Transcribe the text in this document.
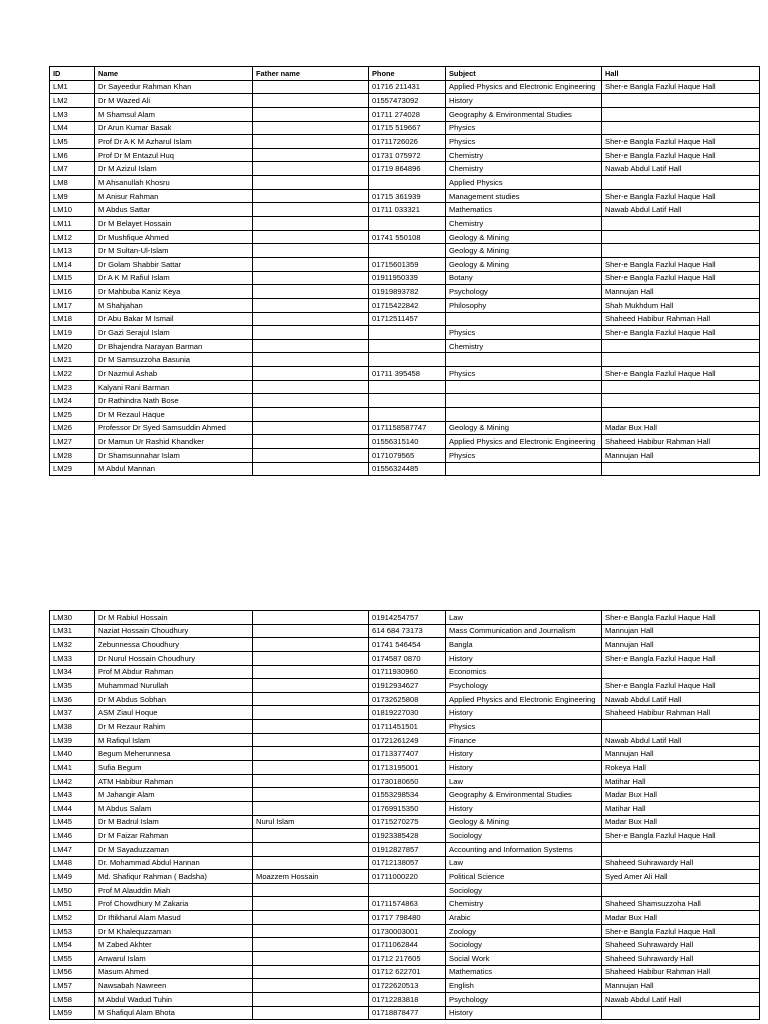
ID	Name	Father name	Phone	Subject	Hall
LM1	Dr Sayeedur Rahman Khan		01716 211431	Applied Physics and Electronic Engineering	Sher-e Bangla Fazlul Haque Hall
LM2	Dr M Wazed Ali		01557473092	History	
LM3	M Shamsul Alam		01711 274028	Geography & Environmental Studies	
LM4	Dr Arun Kumar Basak		01715 519667	Physics	
LM5	Prof Dr A K M Azharul Islam		01711726026	Physics	Sher-e Bangla Fazlul Haque Hall
LM6	Prof Dr M Entazul Huq		01731 075972	Chemistry	Sher-e Bangla Fazlul Haque Hall
LM7	Dr M Azizul Islam		01719 864896	Chemistry	Nawab Abdul Latif Hall
LM8	M Ahsanullah Khosru			Applied Physics	
LM9	M Anisur Rahman		01715 361939	Management studies	Sher-e Bangla Fazlul Haque Hall
LM10	M Abdus Sattar		01711 033321	Mathematics	Nawab Abdul Latif Hall
LM11	Dr M Belayet Hossain			Chemistry	
LM12	Dr Mushfique Ahmed		01741 550108	Geology & Mining	
LM13	Dr M Sultan-Ul-Islam			Geology & Mining	
LM14	Dr Golam Shabbir Sattar		01715601359	Geology & Mining	Sher-e Bangla Fazlul Haque Hall
LM15	Dr A K M Rafiul Islam		01911950339	Botany	Sher-e Bangla Fazlul Haque Hall
LM16	Dr Mahbuba Kaniz Keya		01919893782	Psychology	Mannujan Hall
LM17	M Shahjahan		01715422842	Philosophy	Shah Mukhdum Hall
LM18	Dr Abu Bakar M Ismail		01712511457		Shaheed Habibur Rahman Hall
LM19	Dr Gazi Serajul Islam			Physics	Sher-e Bangla Fazlul Haque Hall
LM20	Dr Bhajendra Narayan Barman			Chemistry	
LM21	Dr M Samsuzzoha Basunia				
LM22	Dr Nazmul Ashab		01711 395458	Physics	Sher-e Bangla Fazlul Haque Hall
LM23	Kalyani Rani Barman				
LM24	Dr Rathindra Nath Bose				
LM25	Dr M Rezaul Haque				
LM26	Professor Dr Syed Samsuddin Ahmed		0171158587747	Geology & Mining	Madar Bux Hall
LM27	Dr Mamun Ur Rashid Khandker		01556315140	Applied Physics and Electronic Engineering	Shaheed Habibur Rahman Hall
LM28	Dr Shamsunnahar Islam		0171079565	Physics	Mannujan Hall
LM29	M Abdul Mannan		01556324485		
LM30	Dr M Rabiul Hossain		01914254757	Law	Sher-e Bangla Fazlul Haque Hall
LM31	Naziat Hossain Choudhury		614 684 73173	Mass Communication and Journalism	Mannujan Hall
LM32	Zebunnessa Choudhury		01741 546454	Bangla	Mannujan Hall
LM33	Dr Nurul Hossain Choudhury		0174587 0870	History	Sher-e Bangla Fazlul Haque Hall
LM34	Prof M Abdur Rahman		01711930960	Economics	
LM35	Muhammad Nurullah		01912934627	Psychology	Sher-e Bangla Fazlul Haque Hall
LM36	Dr M Abdus Sobhan		01732625808	Applied Physics and Electronic Engineering	Nawab Abdul Latif Hall
LM37	ASM Ziaul Hoque		01819227030	History	Shaheed Habibur Rahman Hall
LM38	Dr M Rezaur Rahim		01711451501	Physics	
LM39	M Rafiqul Islam		01721261249	Finance	Nawab Abdul Latif Hall
LM40	Begum Meherunnesa		01713377407	History	Mannujan Hall
LM41	Sufia Begum		01713195001	History	Rokeya Hall
LM42	ATM Habibur Rahman		01730180650	Law	Matihar Hall
LM43	M Jahangir Alam		01553298534	Geography & Environmental Studies	Madar Bux Hall
LM44	M Abdus Salam		01769915350	History	Matihar Hall
LM45	Dr M Badrul Islam	Nurul Islam	01715270275	Geology & Mining	Madar Bux Hall
LM46	Dr M Faizar Rahman		01923385428	Sociology	Sher-e Bangla Fazlul Haque Hall
LM47	Dr M Sayaduzzaman		01912827857	Accounting and Information Systems	
LM48	Dr. Mohammad Abdul Hannan		01712138057	Law	Shaheed Suhrawardy Hall
LM49	Md. Shafiqur Rahman ( Badsha)	Moazzem Hossain	01711000220	Political Science	Syed Amer Ali Hall
LM50	Prof M Alauddin Miah			Sociology	
LM51	Prof Chowdhury M Zakaria		01711574863	Chemistry	Shaheed Shamsuzzoha Hall
LM52	Dr Iftikharul Alam Masud		01717 798480	Arabic	Madar Bux Hall
LM53	Dr M Khalequzzaman		01730003001	Zoology	Sher-e Bangla Fazlul Haque Hall
LM54	M Zabed Akhter		01711062844	Sociology	Shaheed Suhrawardy Hall
LM55	Anwarul Islam		01712 217605	Social Work	Shaheed Suhrawardy Hall
LM56	Masum Ahmed		01712 622701	Mathematics	Shaheed Habibur Rahman Hall
LM57	Nawsabah Nawreen		01722620513	English	Mannujan Hall
LM58	M Abdul Wadud Tuhin		01712283818	Psychology	Nawab Abdul Latif Hall
LM59	M Shafiqul Alam Bhota		01718878477	History	
